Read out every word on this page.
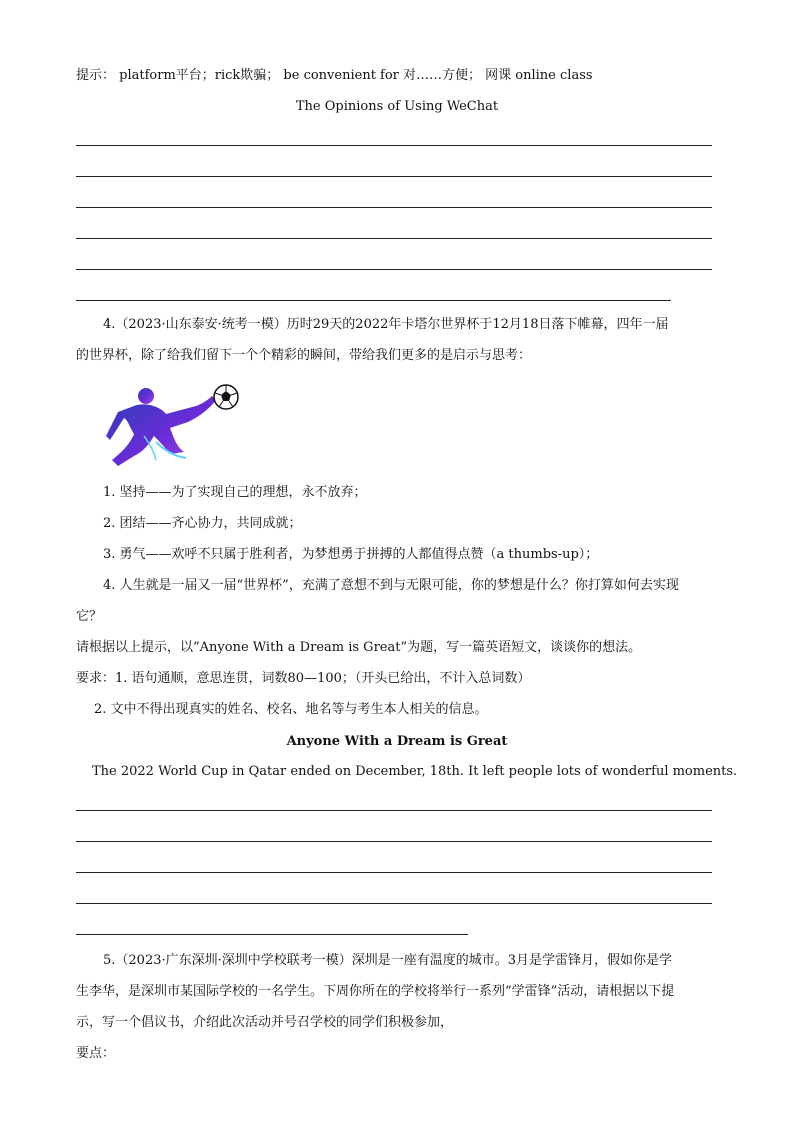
提示： platform平台；rick欺骗； be convenient for 对……方便； 网课 online class
The Opinions of Using WeChat
4.（2023·山东泰安·统考一模）历时29天的2022年卡塔尔世界杯于12月18日落下帷幕，四年一届
的世界杯，除了给我们留下一个个精彩的瞬间，带给我们更多的是启示与思考：
1. 坚持——为了实现自己的理想，永不放弃；
2. 团结——齐心协力，共同成就；
3. 勇气——欢呼不只属于胜利者，为梦想勇于拼搏的人都值得点赞（a thumbs-up）；
4. 人生就是一届又一届“世界杯”，充满了意想不到与无限可能，你的梦想是什么？你打算如何去实现
它？
请根据以上提示，以“Anyone With a Dream is Great”为题，写一篇英语短文，谈谈你的想法。
要求：1. 语句通顺，意思连贯，词数80—100；（开头已给出，不计入总词数）
2. 文中不得出现真实的姓名、校名、地名等与考生本人相关的信息。
Anyone With a Dream is Great
The 2022 World Cup in Qatar ended on December, 18th. It left people lots of wonderful moments.
5.（2023·广东深圳·深圳中学校联考一模）深圳是一座有温度的城市。3月是学雷锋月，假如你是学
生李华，是深圳市某国际学校的一名学生。下周你所在的学校将举行一系列“学雷锋”活动，请根据以下提
示，写一个倡议书，介绍此次活动并号召学校的同学们积极参加，
要点：
